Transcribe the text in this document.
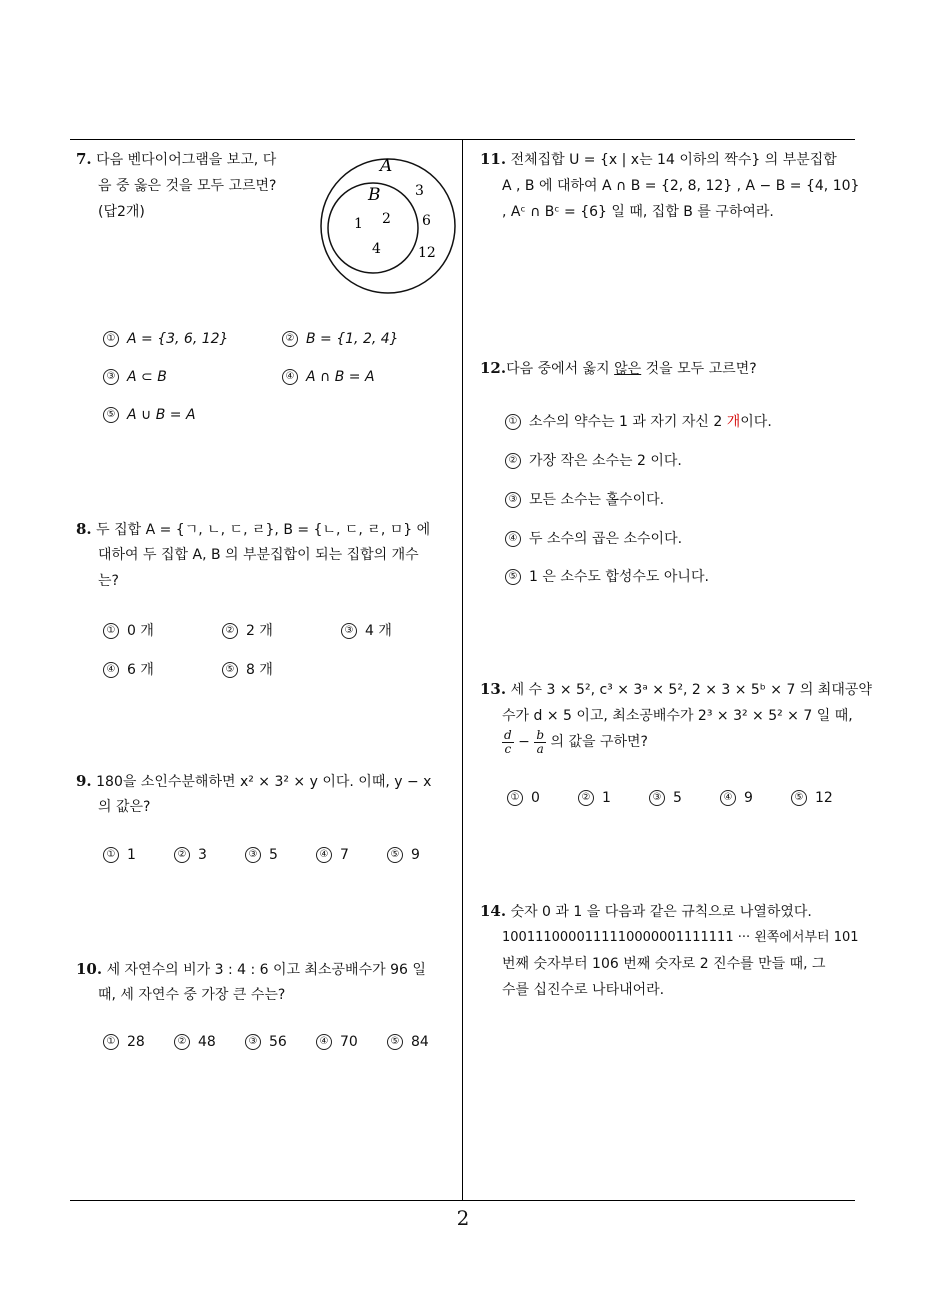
7. 다음 벤다이어그램을 보고, 다
음 중 옳은 것을 모두 고르면?
(답2개)
A
B
1 2
4
3
6
12
① A = {3, 6, 12}	② B = {1, 2, 4}
③ A ⊂ B	④ A ∩ B = A
⑤ A ∪ B = A
8. 두 집합 A = {ㄱ, ㄴ, ㄷ, ㄹ}, B = {ㄴ, ㄷ, ㄹ, ㅁ} 에
대하여 두 집합 A, B 의 부분집합이 되는 집합의 개수
는?
① 0 개	② 2 개	③ 4 개
④ 6 개	⑤ 8 개
9. 180을 소인수분해하면 x² × 3² × y 이다. 이때, y − x
의 값은?
① 1	② 3	③ 5	④ 7	⑤ 9
10. 세 자연수의 비가 3 : 4 : 6 이고 최소공배수가 96 일
때, 세 자연수 중 가장 큰 수는?
① 28	② 48	③ 56	④ 70	⑤ 84
11. 전체집합 U = {x | x는 14 이하의 짝수} 의 부분집합
A , B 에 대하여 A ∩ B = {2, 8, 12} , A − B = {4, 10}
, Aᶜ ∩ Bᶜ = {6} 일 때, 집합 B 를 구하여라.
12.다음 중에서 옳지 않은 것을 모두 고르면?
① 소수의 약수는 1 과 자기 자신 2 개이다.
② 가장 작은 소수는 2 이다.
③ 모든 소수는 홀수이다.
④ 두 소수의 곱은 소수이다.
⑤ 1 은 소수도 합성수도 아니다.
13. 세 수 3 × 5², c³ × 3ᵃ × 5², 2 × 3 × 5ᵇ × 7 의 최대공약
수가 d × 5 이고, 최소공배수가 2³ × 3² × 5² × 7 일 때,
$\frac{d}{c} - \frac{b}{a}$ 의 값을 구하면?
① 0	② 1	③ 5	④ 9	⑤ 12
14. 숫자 0 과 1 을 다음과 같은 규칙으로 나열하였다.
1001110000111110000001111111 ··· 왼쪽에서부터 101
번째 숫자부터 106 번째 숫자로 2 진수를 만들 때, 그
수를 십진수로 나타내어라.
2
